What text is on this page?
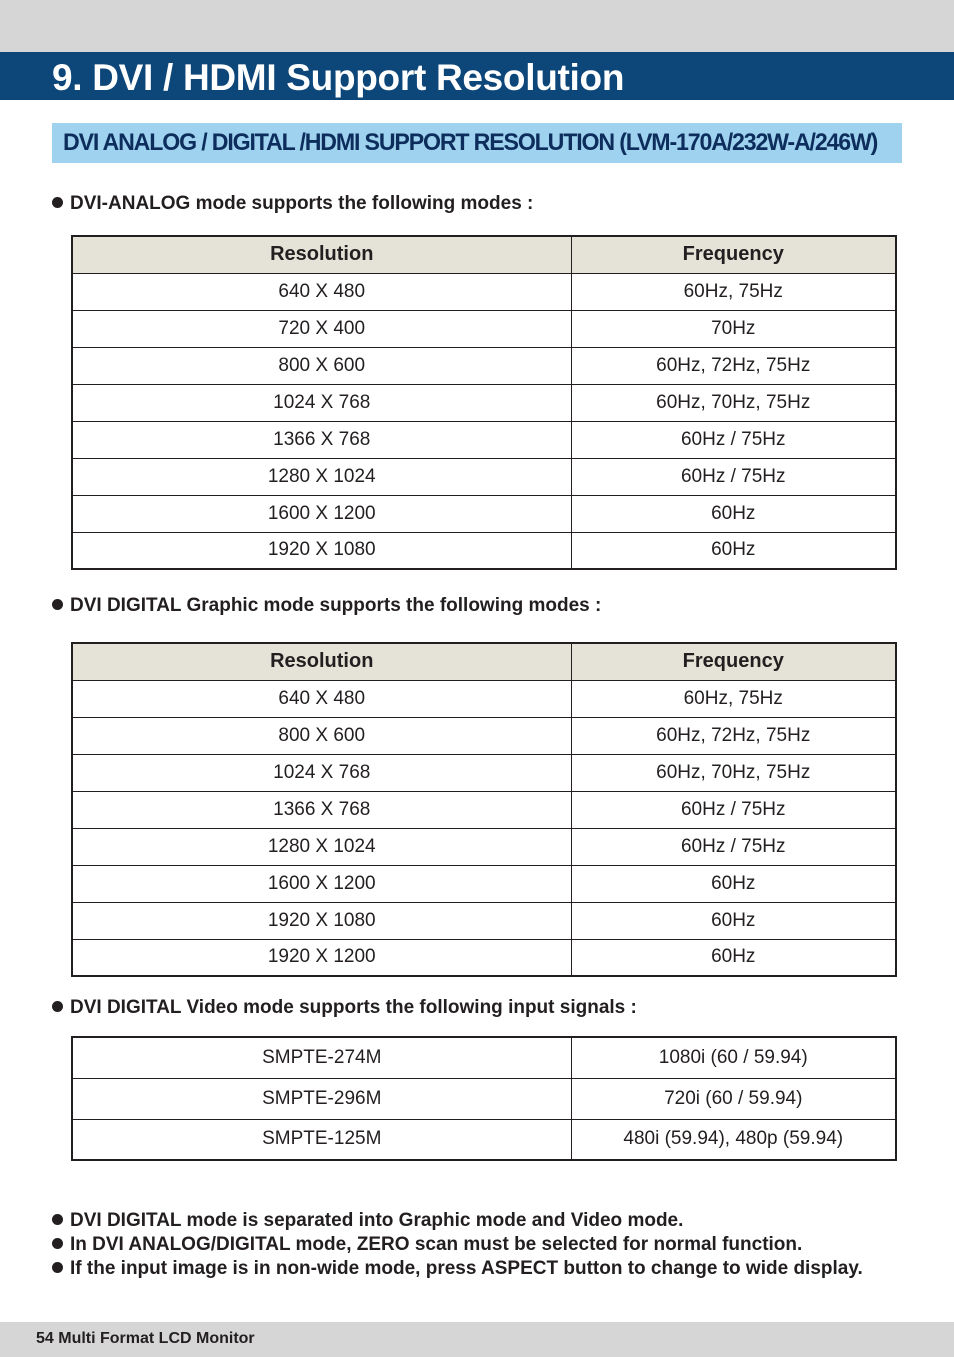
9. DVI / HDMI Support Resolution
DVI ANALOG / DIGITAL /HDMI SUPPORT RESOLUTION (LVM-170A/232W-A/246W)
DVI-ANALOG mode supports the following modes :
Resolution	Frequency
640 X 480	60Hz, 75Hz
720 X 400	70Hz
800 X 600	60Hz, 72Hz, 75Hz
1024 X 768	60Hz, 70Hz, 75Hz
1366 X 768	60Hz / 75Hz
1280 X 1024	60Hz / 75Hz
1600 X 1200	60Hz
1920 X 1080	60Hz
DVI DIGITAL Graphic mode supports the following modes :
Resolution	Frequency
640 X 480	60Hz, 75Hz
800 X 600	60Hz, 72Hz, 75Hz
1024 X 768	60Hz, 70Hz, 75Hz
1366 X 768	60Hz / 75Hz
1280 X 1024	60Hz / 75Hz
1600 X 1200	60Hz
1920 X 1080	60Hz
1920 X 1200	60Hz
DVI DIGITAL Video mode supports the following input signals :
SMPTE-274M	1080i (60 / 59.94)
SMPTE-296M	720i (60 / 59.94)
SMPTE-125M	480i (59.94), 480p (59.94)
DVI DIGITAL mode is separated into Graphic mode and Video mode.
In DVI ANALOG/DIGITAL mode, ZERO scan must be selected for normal function.
If the input image is in non-wide mode, press ASPECT button to change to wide display.
54 Multi Format LCD Monitor
